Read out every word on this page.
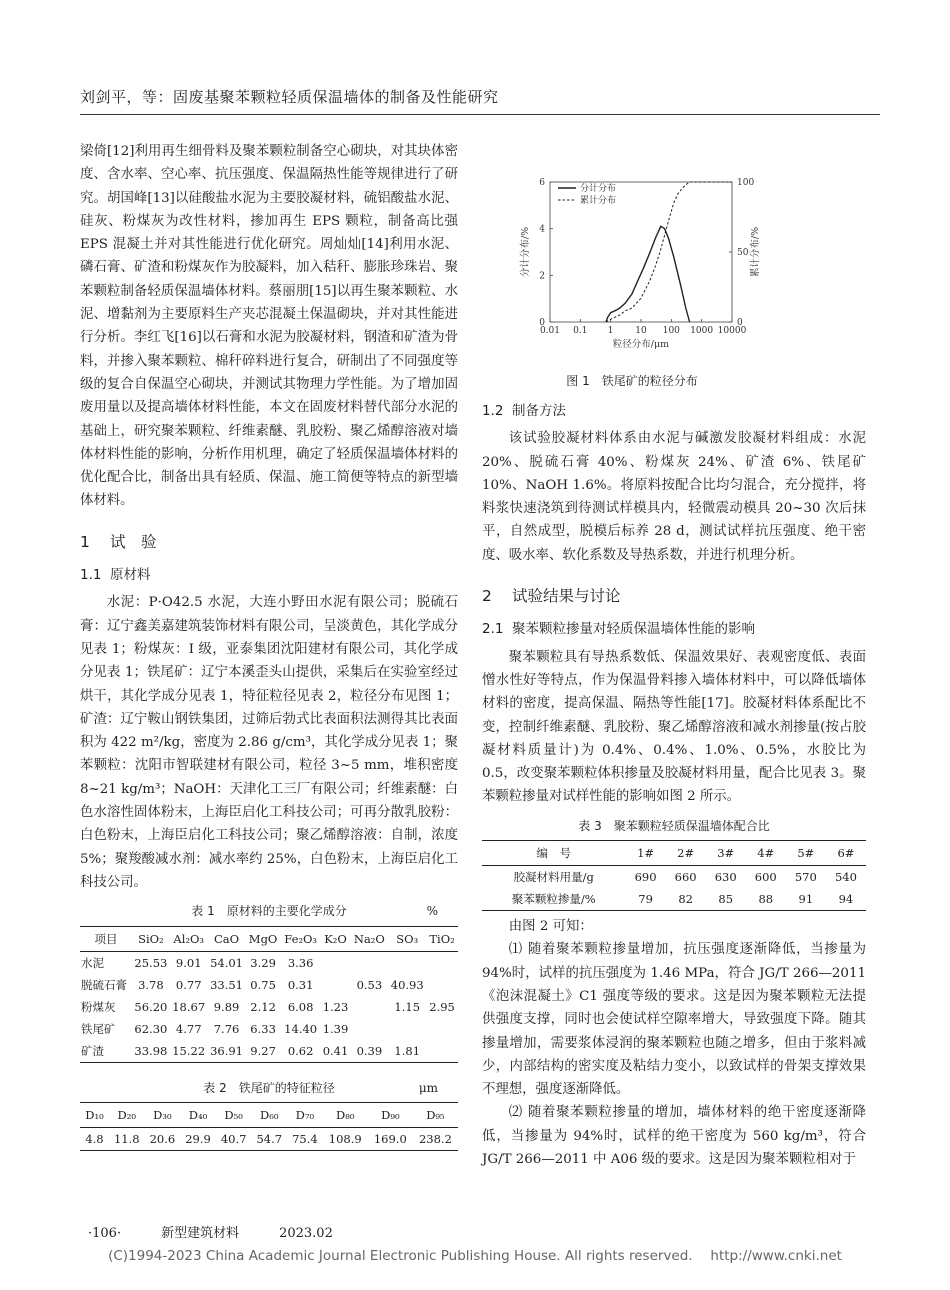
刘剑平，等：固废基聚苯颗粒轻质保温墙体的制备及性能研究

梁倚[12]利用再生细骨料及聚苯颗粒制备空心砌块，对其块体密度、含水率、空心率、抗压强度、保温隔热性能等规律进行了研究。胡国峰[13]以硅酸盐水泥为主要胶凝材料，硫铝酸盐水泥、硅灰、粉煤灰为改性材料，掺加再生 EPS 颗粒，制备高比强 EPS 混凝土并对其性能进行优化研究。周灿灿[14]利用水泥、磷石膏、矿渣和粉煤灰作为胶凝料，加入秸秆、膨胀珍珠岩、聚苯颗粒制备轻质保温墙体材料。蔡丽朋[15]以再生聚苯颗粒、水泥、增黏剂为主要原料生产夹芯混凝土保温砌块，并对其性能进行分析。李红飞[16]以石膏和水泥为胶凝材料，钢渣和矿渣为骨料，并掺入聚苯颗粒、棉秆碎料进行复合，研制出了不同强度等级的复合自保温空心砌块，并测试其物理力学性能。为了增加固废用量以及提高墙体材料性能，本文在固废材料替代部分水泥的基础上，研究聚苯颗粒、纤维素醚、乳胶粉、聚乙烯醇溶液对墙体材料性能的影响，分析作用机理，确定了轻质保温墙体材料的优化配合比，制备出具有轻质、保温、施工简便等特点的新型墙体材料。

1 试　验
1.1 原材料

水泥：P·O42.5 水泥，大连小野田水泥有限公司；脱硫石膏：辽宁鑫美嘉建筑装饰材料有限公司，呈淡黄色，其化学成分见表 1；粉煤灰：I 级，亚泰集团沈阳建材有限公司，其化学成分见表 1；铁尾矿：辽宁本溪歪头山提供，采集后在实验室经过烘干，其化学成分见表 1，特征粒径见表 2，粒径分布见图 1；矿渣：辽宁鞍山钢铁集团，过筛后勃式比表面积法测得其比表面积为 422 m²/kg，密度为 2.86 g/cm³，其化学成分见表 1；聚苯颗粒：沈阳市智联建材有限公司，粒径 3~5 mm，堆积密度8~21 kg/m³；NaOH：天津化工三厂有限公司；纤维素醚：白色水溶性固体粉末，上海臣启化工科技公司；可再分散乳胶粉：白色粉末，上海臣启化工科技公司；聚乙烯醇溶液：自制，浓度 5%；聚羧酸减水剂：减水率约 25%，白色粉末，上海臣启化工科技公司。

表 1　原材料的主要化学成分	%
项目	SiO₂	Al₂O₃	CaO	MgO	Fe₂O₃	K₂O	Na₂O	SO₃	TiO₂
水泥	25.53	9.01	54.01	3.29	3.36				
脱硫石膏	3.78	0.77	33.51	0.75	0.31		0.53	40.93	
粉煤灰	56.20	18.67	9.89	2.12	6.08	1.23		1.15	2.95
铁尾矿	62.30	4.77	7.76	6.33	14.40	1.39			
矿渣	33.98	15.22	36.91	9.27	0.62	0.41	0.39	1.81	
表 2　铁尾矿的特征粒径	μm
D₁₀	D₂₀	D₃₀	D₄₀	D₅₀	D₆₀	D₇₀	D₈₀	D₉₀	D₉₅
4.8	11.8	20.6	29.9	40.7	54.7	75.4	108.9	169.0	238.2
0.01 0.1 1 10 100 1000 10000
0
2
4
6
0
50
100
粒径分布/μm
分计分布/%	累计分布/%
分计分布
累计分布
图 1　铁尾矿的粒径分布
1.2 制备方法

该试验胶凝材料体系由水泥与碱激发胶凝材料组成：水泥 20%、脱硫石膏 40%、粉煤灰 24%、矿渣 6%、铁尾矿 10%、NaOH 1.6%。将原料按配合比均匀混合，充分搅拌，将料浆快速浇筑到待测试样模具内，轻微震动模具 20~30 次后抹平，自然成型，脱模后标养 28 d，测试试样抗压强度、绝干密度、吸水率、软化系数及导热系数，并进行机理分析。

2 试验结果与讨论
2.1 聚苯颗粒掺量对轻质保温墙体性能的影响

聚苯颗粒具有导热系数低、保温效果好、表观密度低、表面憎水性好等特点，作为保温骨料掺入墙体材料中，可以降低墙体材料的密度，提高保温、隔热等性能[17]。胶凝材料体系配比不变，控制纤维素醚、乳胶粉、聚乙烯醇溶液和减水剂掺量(按占胶凝材料质量计)为 0.4%、0.4%、1.0%、0.5%，水胶比为 0.5，改变聚苯颗粒体积掺量及胶凝材料用量，配合比见表 3。聚苯颗粒掺量对试样性能的影响如图 2 所示。

表 3　聚苯颗粒轻质保温墙体配合比
编　号	1#	2#	3#	4#	5#	6#
胶凝材料用量/g	690	660	630	600	570	540
聚苯颗粒掺量/%	79	82	85	88	91	94

由图 2 可知：

⑴ 随着聚苯颗粒掺量增加，抗压强度逐渐降低，当掺量为 94%时，试样的抗压强度为 1.46 MPa，符合 JG/T 266—2011《泡沫混凝土》C1 强度等级的要求。这是因为聚苯颗粒无法提供强度支撑，同时也会使试样空隙率增大，导致强度下降。随其掺量增加，需要浆体浸润的聚苯颗粒也随之增多，但由于浆料减少，内部结构的密实度及粘结力变小，以致试样的骨架支撑效果不理想，强度逐渐降低。

⑵ 随着聚苯颗粒掺量的增加，墙体材料的绝干密度逐渐降低，当掺量为 94%时，试样的绝干密度为 560 kg/m³，符合 JG/T 266—2011 中 A06 级的要求。这是因为聚苯颗粒相对于

·106·	新型建筑材料	2023.02
(C)1994-2023 China Academic Journal Electronic Publishing House. All rights reserved.　 http://www.cnki.net
